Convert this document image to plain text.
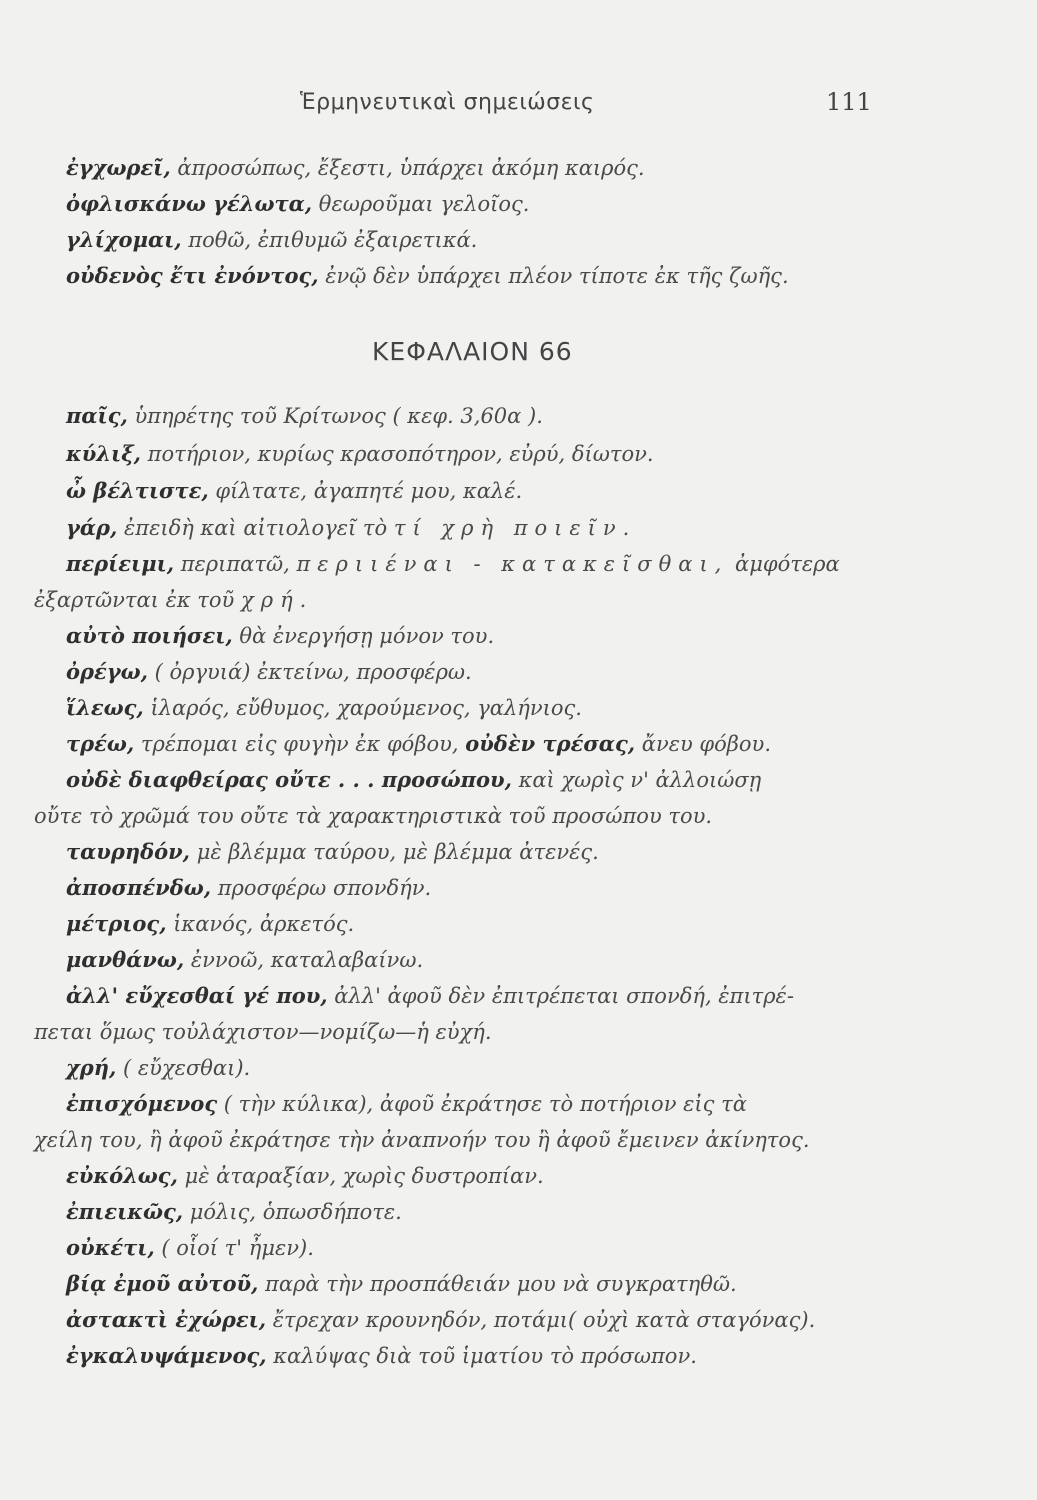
Ἑρμηνευτικαὶ σημειώσεις	111
ἐγχωρεῖ, ἀπροσώπως, ἔξεστι, ὑπάρχει ἀκόμη καιρός.
ὀφλισκάνω γέλωτα, θεωροῦμαι γελοῖος.
γλίχομαι, ποθῶ, ἐπιθυμῶ ἐξαιρετικά.
οὐδενὸς ἔτι ἐνόντος, ἐνῷ δὲν ὑπάρχει πλέον τίποτε ἐκ τῆς ζωῆς.
ΚΕΦΑΛΑΙΟΝ 66
παῖς, ὑπηρέτης τοῦ Κρίτωνος ( κεφ. 3,60α ).
κύλιξ, ποτήριον, κυρίως κρασοπότηρον, εὐρύ, δίωτον.
ὦ βέλτιστε, φίλτατε, ἀγαπητέ μου, καλέ.
γάρ, ἐπειδὴ καὶ αἰτιολογεῖ τὸ τί χρὴ ποιεῖν.
περίειμι, περιπατῶ, περιιέναι - κατακεῖσθαι, ἀμφότερα
ἐξαρτῶνται ἐκ τοῦ χρή.
αὐτὸ ποιήσει, θὰ ἐνεργήσῃ μόνον του.
ὀρέγω, ( ὀργυιά) ἐκτείνω, προσφέρω.
ἵλεως, ἱλαρός, εὔθυμος, χαρούμενος, γαλήνιος.
τρέω, τρέπομαι εἰς φυγὴν ἐκ φόβου, οὐδὲν τρέσας, ἄνευ φόβου.
οὐδὲ διαφθείρας οὔτε . . . προσώπου, καὶ χωρὶς ν' ἀλλοιώσῃ
οὔτε τὸ χρῶμά του οὔτε τὰ χαρακτηριστικὰ τοῦ προσώπου του.
ταυρηδόν, μὲ βλέμμα ταύρου, μὲ βλέμμα ἀτενές.
ἀποσπένδω, προσφέρω σπονδήν.
μέτριος, ἱκανός, ἀρκετός.
μανθάνω, ἐννοῶ, καταλαβαίνω.
ἀλλ' εὔχεσθαί γέ που, ἀλλ' ἀφοῦ δὲν ἐπιτρέπεται σπονδή, ἐπιτρέ-
πεται ὅμως τοὐλάχιστον—νομίζω—ἡ εὐχή.
χρή, ( εὔχεσθαι).
ἐπισχόμενος ( τὴν κύλικα), ἀφοῦ ἐκράτησε τὸ ποτήριον εἰς τὰ
χείλη του, ἢ ἀφοῦ ἐκράτησε τὴν ἀναπνοήν του ἢ ἀφοῦ ἔμεινεν ἀκίνητος.
εὐκόλως, μὲ ἀταραξίαν, χωρὶς δυστροπίαν.
ἐπιεικῶς, μόλις, ὁπωσδήποτε.
οὐκέτι, ( οἷοί τ' ἦμεν).
βίᾳ ἐμοῦ αὐτοῦ, παρὰ τὴν προσπάθειάν μου νὰ συγκρατηθῶ.
ἀστακτὶ ἐχώρει, ἔτρεχαν κρουνηδόν, ποτάμι( οὐχὶ κατὰ σταγόνας).
ἐγκαλυψάμενος, καλύψας διὰ τοῦ ἱματίου τὸ πρόσωπον.
